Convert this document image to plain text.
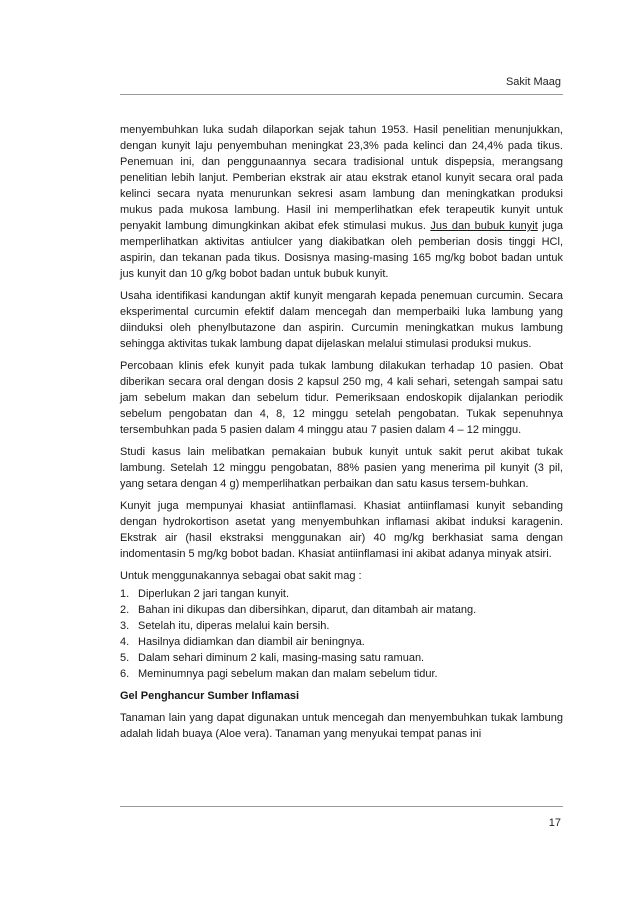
Sakit Maag

menyembuhkan luka sudah dilaporkan sejak tahun 1953. Hasil penelitian menunjukkan, dengan kunyit laju penyembuhan meningkat 23,3% pada kelinci dan 24,4% pada tikus. Penemuan ini, dan penggunaannya secara tradisional untuk dispepsia, merangsang penelitian lebih lanjut. Pemberian ekstrak air atau ekstrak etanol kunyit secara oral pada kelinci secara nyata menurunkan sekresi asam lambung dan meningkatkan produksi mukus pada mukosa lambung. Hasil ini memperlihatkan efek terapeutik kunyit untuk penyakit lambung dimungkinkan akibat efek stimulasi mukus. Jus dan bubuk kunyit juga memperlihatkan aktivitas antiulcer yang diakibatkan oleh pemberian dosis tinggi HCl, aspirin, dan tekanan pada tikus. Dosisnya masing-masing 165 mg/kg bobot badan untuk jus kunyit dan 10 g/kg bobot badan untuk bubuk kunyit.

Usaha identifikasi kandungan aktif kunyit mengarah kepada penemuan curcumin. Secara eksperimental curcumin efektif dalam mencegah dan memperbaiki luka lambung yang diinduksi oleh phenylbutazone dan aspirin. Curcumin meningkatkan mukus lambung sehingga aktivitas tukak lambung dapat dijelaskan melalui stimulasi produksi mukus.

Percobaan klinis efek kunyit pada tukak lambung dilakukan terhadap 10 pasien. Obat diberikan secara oral dengan dosis 2 kapsul 250 mg, 4 kali sehari, setengah sampai satu jam sebelum makan dan sebelum tidur. Pemeriksaan endoskopik dijalankan periodik sebelum pengobatan dan 4, 8, 12 minggu setelah pengobatan. Tukak sepenuhnya tersembuhkan pada 5 pasien dalam 4 minggu atau 7 pasien dalam 4 – 12 minggu.

Studi kasus lain melibatkan pemakaian bubuk kunyit untuk sakit perut akibat tukak lambung. Setelah 12 minggu pengobatan, 88% pasien yang menerima pil kunyit (3 pil, yang setara dengan 4 g) memperlihatkan perbaikan dan satu kasus tersem-buhkan.

Kunyit juga mempunyai khasiat antiinflamasi. Khasiat antiinflamasi kunyit sebanding dengan hydrokortison asetat yang menyembuhkan inflamasi akibat induksi karagenin. Ekstrak air (hasil ekstraksi menggunakan air) 40 mg/kg berkhasiat sama dengan indomentasin 5 mg/kg bobot badan. Khasiat antiinflamasi ini akibat adanya minyak atsiri.

Untuk menggunakannya sebagai obat sakit mag :

1. Diperlukan 2 jari tangan kunyit.
2. Bahan ini dikupas dan dibersihkan, diparut, dan ditambah air matang.
3. Setelah itu, diperas melalui kain bersih.
4. Hasilnya didiamkan dan diambil air beningnya.
5. Dalam sehari diminum 2 kali, masing-masing satu ramuan.
6. Meminumnya pagi sebelum makan dan malam sebelum tidur.

Gel Penghancur Sumber Inflamasi

Tanaman lain yang dapat digunakan untuk mencegah dan menyembuhkan tukak lambung adalah lidah buaya (Aloe vera). Tanaman yang menyukai tempat panas ini

17
